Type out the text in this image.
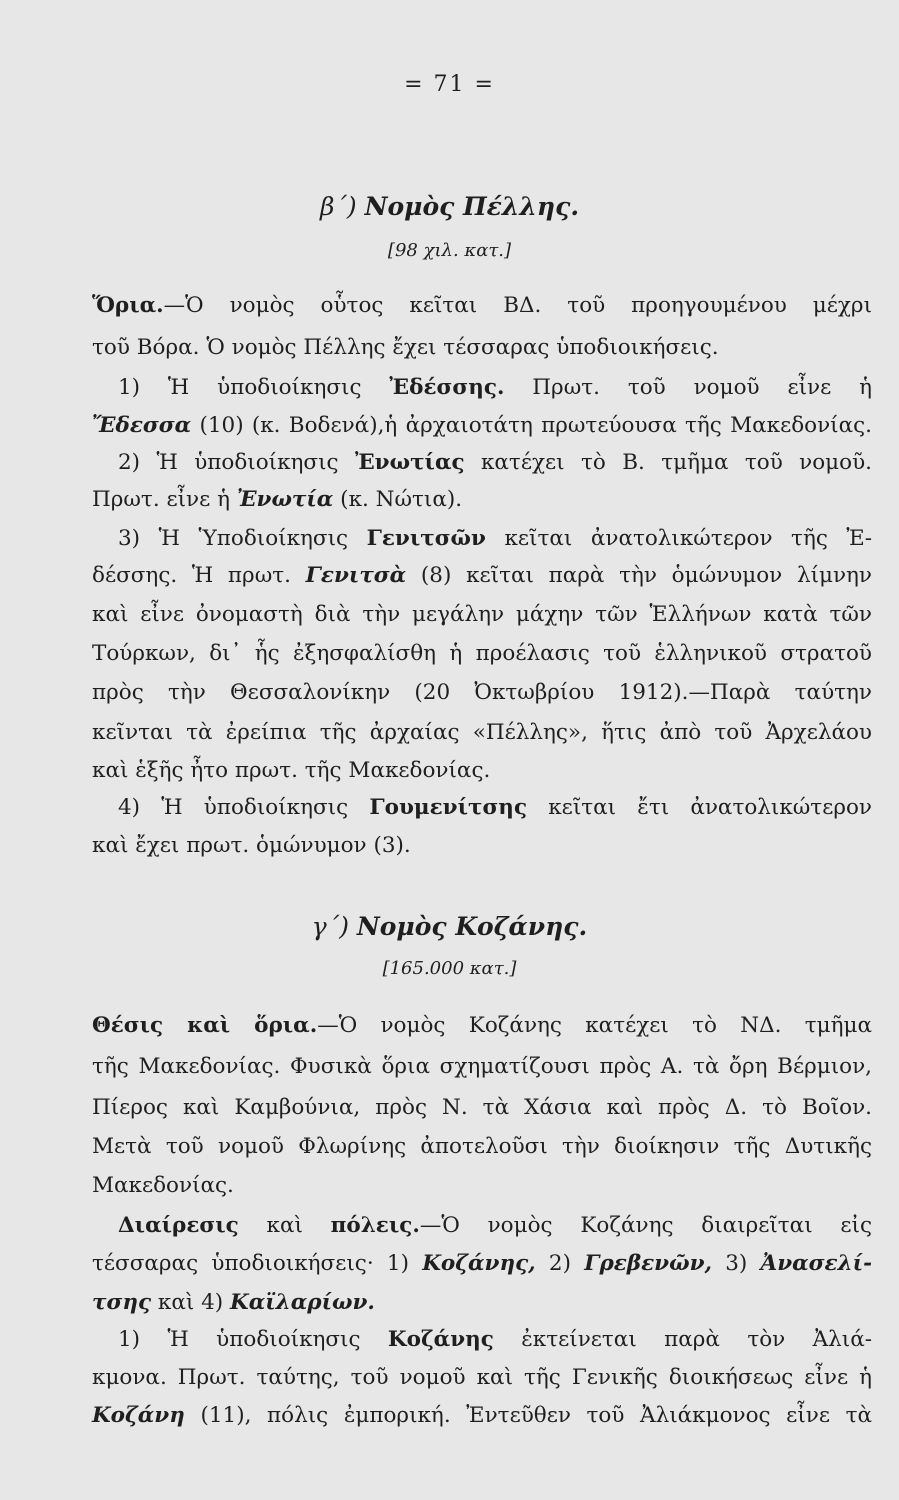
= 71 =
β΄) Νομὸς Πέλλης.
[98 χιλ. κατ.]
Ὅρια.—Ὁ νομὸς οὗτος κεῖται ΒΔ. τοῦ προηγουμένου μέχρι
τοῦ Βόρα. Ὁ νομὸς Πέλλης ἔχει τέσσαρας ὑποδιοικήσεις.
1) Ἡ ὑποδιοίκησις Ἐδέσσης. Πρωτ. τοῦ νομοῦ εἶνε ἡ
Ἔδεσσα (10) (κ. Βοδενά),ἡ ἀρχαιοτάτη πρωτεύουσα τῆς Μακεδονίας.
2) Ἡ ὑποδιοίκησις Ἐνωτίας κατέχει τὸ Β. τμῆμα τοῦ νομοῦ.
Πρωτ. εἶνε ἡ Ἐνωτία (κ. Νώτια).
3) Ἡ Ὑποδιοίκησις Γενιτσῶν κεῖται ἀνατολικώτερον τῆς Ἐ-
δέσσης. Ἡ πρωτ. Γενιτσὰ (8) κεῖται παρὰ τὴν ὁμώνυμον λίμνην
καὶ εἶνε ὀνομαστὴ διὰ τὴν μεγάλην μάχην τῶν Ἑλλήνων κατὰ τῶν
Τούρκων, δι᾽ ἧς ἐξησφαλίσθη ἡ προέλασις τοῦ ἑλληνικοῦ στρατοῦ
πρὸς τὴν Θεσσαλονίκην (20 Ὀκτωβρίου 1912).—Παρὰ ταύτην
κεῖνται τὰ ἐρείπια τῆς ἀρχαίας «Πέλλης», ἥτις ἀπὸ τοῦ Ἀρχελάου
καὶ ἑξῆς ἦτο πρωτ. τῆς Μακεδονίας.
4) Ἡ ὑποδιοίκησις Γουμενίτσης κεῖται ἔτι ἀνατολικώτερον
καὶ ἔχει πρωτ. ὁμώνυμον (3).
γ΄) Νομὸς Κοζάνης.
[165.000 κατ.]
Θέσις καὶ ὅρια.—Ὁ νομὸς Κοζάνης κατέχει τὸ ΝΔ. τμῆμα
τῆς Μακεδονίας. Φυσικὰ ὅρια σχηματίζουσι πρὸς Α. τὰ ὄρη Βέρμιον,
Πίερος καὶ Καμβούνια, πρὸς Ν. τὰ Χάσια καὶ πρὸς Δ. τὸ Βοῖον.
Μετὰ τοῦ νομοῦ Φλωρίνης ἀποτελοῦσι τὴν διοίκησιν τῆς Δυτικῆς
Μακεδονίας.
Διαίρεσις καὶ πόλεις.—Ὁ νομὸς Κοζάνης διαιρεῖται εἰς
τέσσαρας ὑποδιοικήσεις· 1) Κοζάνης, 2) Γρεβενῶν, 3) Ἀνασελί-
τσης καὶ 4) Καϊλαρίων.
1) Ἡ ὑποδιοίκησις Κοζάνης ἐκτείνεται παρὰ τὸν Ἀλιά-
κμονα. Πρωτ. ταύτης, τοῦ νομοῦ καὶ τῆς Γενικῆς διοικήσεως εἶνε ἡ
Κοζάνη (11), πόλις ἐμπορική. Ἐντεῦθεν τοῦ Ἀλιάκμονος εἶνε τὰ
